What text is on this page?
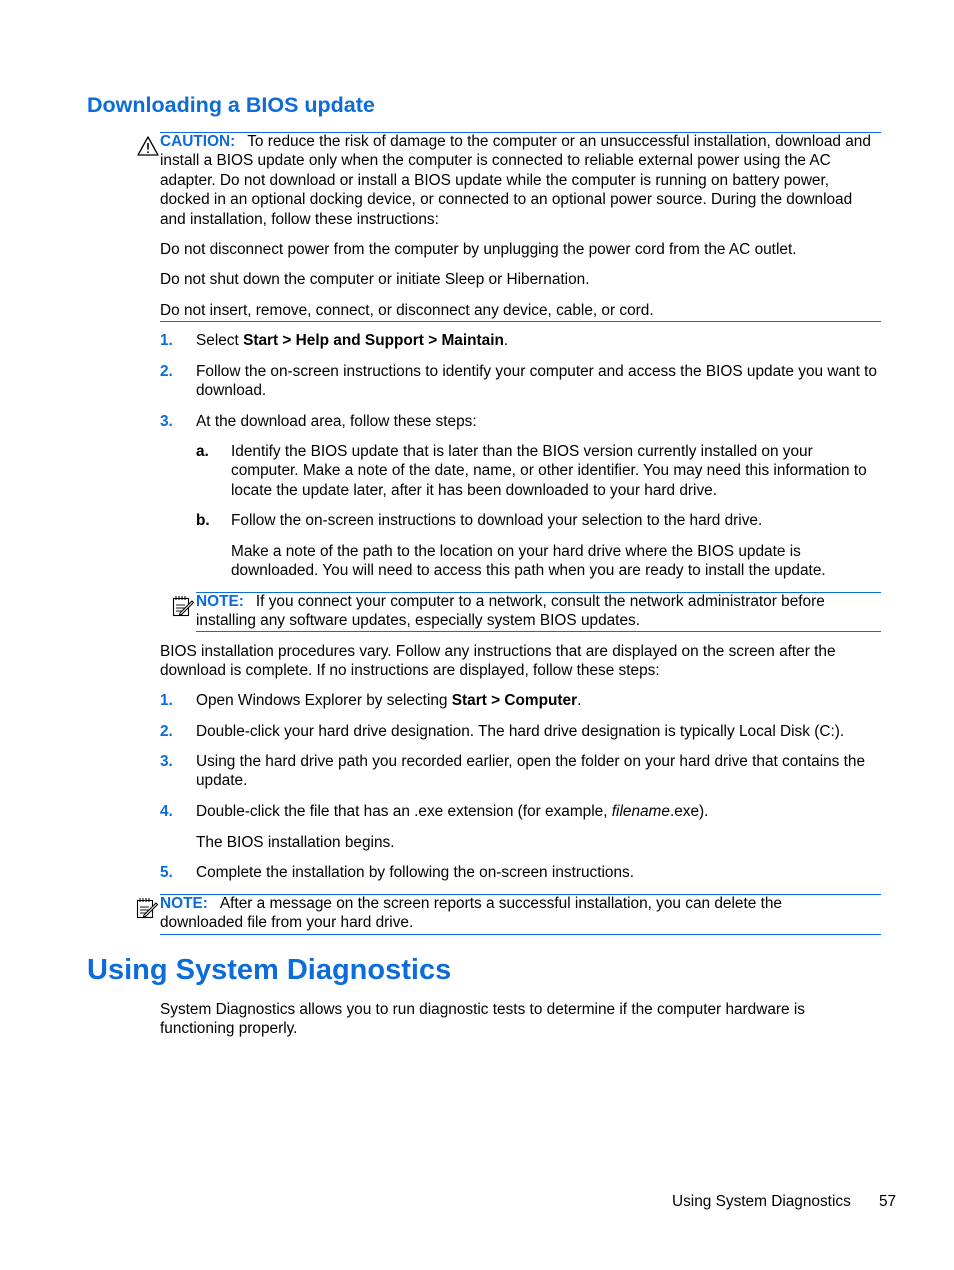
Downloading a BIOS update

CAUTION: To reduce the risk of damage to the computer or an unsuccessful installation, download and install a BIOS update only when the computer is connected to reliable external power using the AC adapter. Do not download or install a BIOS update while the computer is running on battery power, docked in an optional docking device, or connected to an optional power source. During the download and installation, follow these instructions:

Do not disconnect power from the computer by unplugging the power cord from the AC outlet.

Do not shut down the computer or initiate Sleep or Hibernation.

Do not insert, remove, connect, or disconnect any device, cable, or cord.

1. Select Start > Help and Support > Maintain.

2. Follow the on-screen instructions to identify your computer and access the BIOS update you want to download.

3. At the download area, follow these steps:

a. Identify the BIOS update that is later than the BIOS version currently installed on your computer. Make a note of the date, name, or other identifier. You may need this information to locate the update later, after it has been downloaded to your hard drive.

b. Follow the on-screen instructions to download your selection to the hard drive.

Make a note of the path to the location on your hard drive where the BIOS update is downloaded. You will need to access this path when you are ready to install the update.

NOTE: If you connect your computer to a network, consult the network administrator before installing any software updates, especially system BIOS updates.

BIOS installation procedures vary. Follow any instructions that are displayed on the screen after the download is complete. If no instructions are displayed, follow these steps:

1. Open Windows Explorer by selecting Start > Computer.

2. Double-click your hard drive designation. The hard drive designation is typically Local Disk (C:).

3. Using the hard drive path you recorded earlier, open the folder on your hard drive that contains the update.

4. Double-click the file that has an .exe extension (for example, filename.exe).

The BIOS installation begins.

5. Complete the installation by following the on-screen instructions.

NOTE: After a message on the screen reports a successful installation, you can delete the downloaded file from your hard drive.

Using System Diagnostics

System Diagnostics allows you to run diagnostic tests to determine if the computer hardware is functioning properly.

Using System Diagnostics 57
